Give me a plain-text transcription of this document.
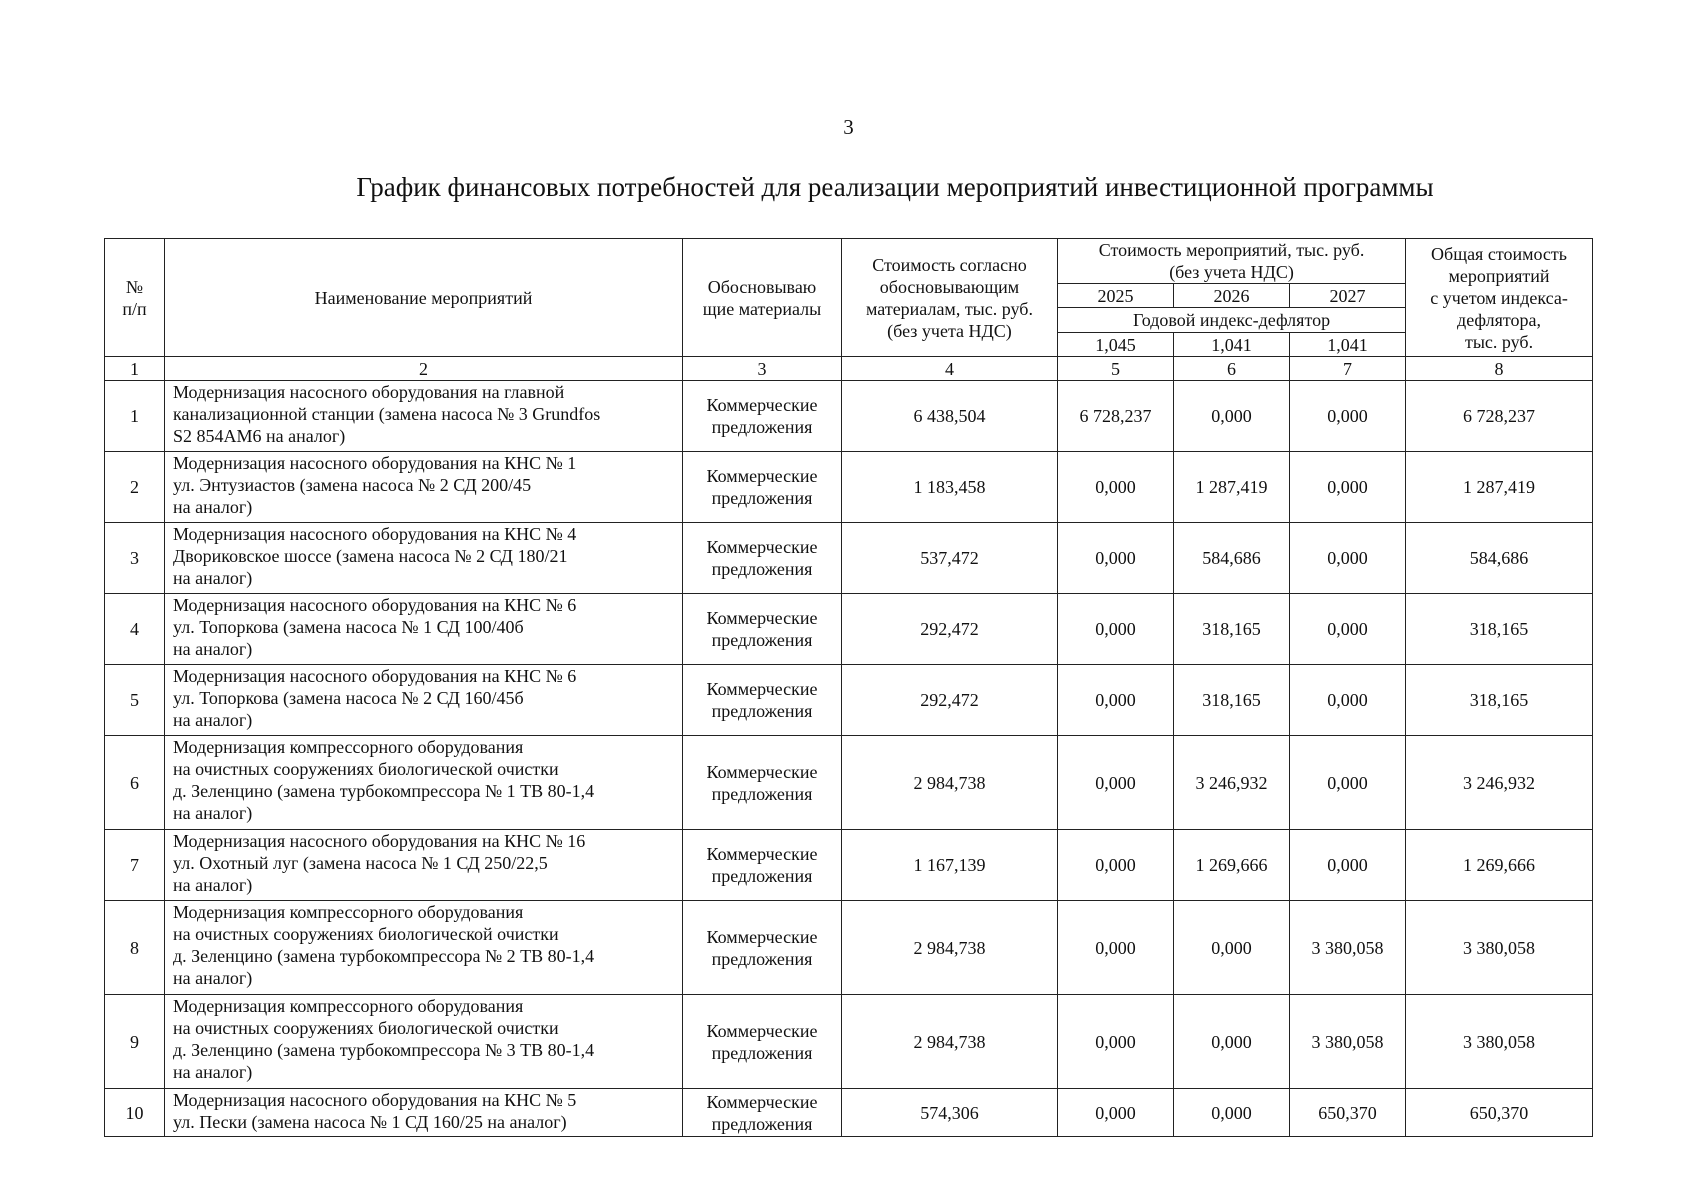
3
График финансовых потребностей для реализации мероприятий инвестиционной программы
№
п/п	Наименование мероприятий	Обосновываю
щие материалы	Стоимость согласно
обосновывающим
материалам, тыс. руб.
(без учета НДС)	Стоимость мероприятий, тыс. руб.
(без учета НДС)			Общая стоимость
мероприятий
с учетом индекса-
дефлятора,
тыс. руб.

				2025	2026	2027	
				Годовой индекс-дефлятор			
				1,045	1,041	1,041	
1	2	3	4	5	6	7	8
1	Модернизация насосного оборудования на главной
канализационной станции (замена насоса № 3 Grundfos
S2 854АМ6 на аналог)	Коммерческие
предложения	6 438,504	6 728,237	0,000	0,000	6 728,237
2	Модернизация насосного оборудования на КНС № 1
ул. Энтузиастов (замена насоса № 2 СД 200/45
на аналог)	Коммерческие
предложения	1 183,458	0,000	1 287,419	0,000	1 287,419
3	Модернизация насосного оборудования на КНС № 4
Двориковское шоссе (замена насоса № 2 СД 180/21
на аналог)	Коммерческие
предложения	537,472	0,000	584,686	0,000	584,686
4	Модернизация насосного оборудования на КНС № 6
ул. Топоркова (замена насоса № 1 СД 100/40б
на аналог)	Коммерческие
предложения	292,472	0,000	318,165	0,000	318,165
5	Модернизация насосного оборудования на КНС № 6
ул. Топоркова (замена насоса № 2 СД 160/45б
на аналог)	Коммерческие
предложения	292,472	0,000	318,165	0,000	318,165
6	Модернизация компрессорного оборудования
на очистных сооружениях биологической очистки
д. Зеленцино (замена турбокомпрессора № 1 ТВ 80-1,4
на аналог)	Коммерческие
предложения	2 984,738	0,000	3 246,932	0,000	3 246,932
7	Модернизация насосного оборудования на КНС № 16
ул. Охотный луг (замена насоса № 1 СД 250/22,5
на аналог)	Коммерческие
предложения	1 167,139	0,000	1 269,666	0,000	1 269,666
8	Модернизация компрессорного оборудования
на очистных сооружениях биологической очистки
д. Зеленцино (замена турбокомпрессора № 2 ТВ 80-1,4
на аналог)	Коммерческие
предложения	2 984,738	0,000	0,000	3 380,058	3 380,058
9	Модернизация компрессорного оборудования
на очистных сооружениях биологической очистки
д. Зеленцино (замена турбокомпрессора № 3 ТВ 80-1,4
на аналог)	Коммерческие
предложения	2 984,738	0,000	0,000	3 380,058	3 380,058
10	Модернизация насосного оборудования на КНС № 5
ул. Пески (замена насоса № 1 СД 160/25 на аналог)	Коммерческие
предложения	574,306	0,000	0,000	650,370	650,370
